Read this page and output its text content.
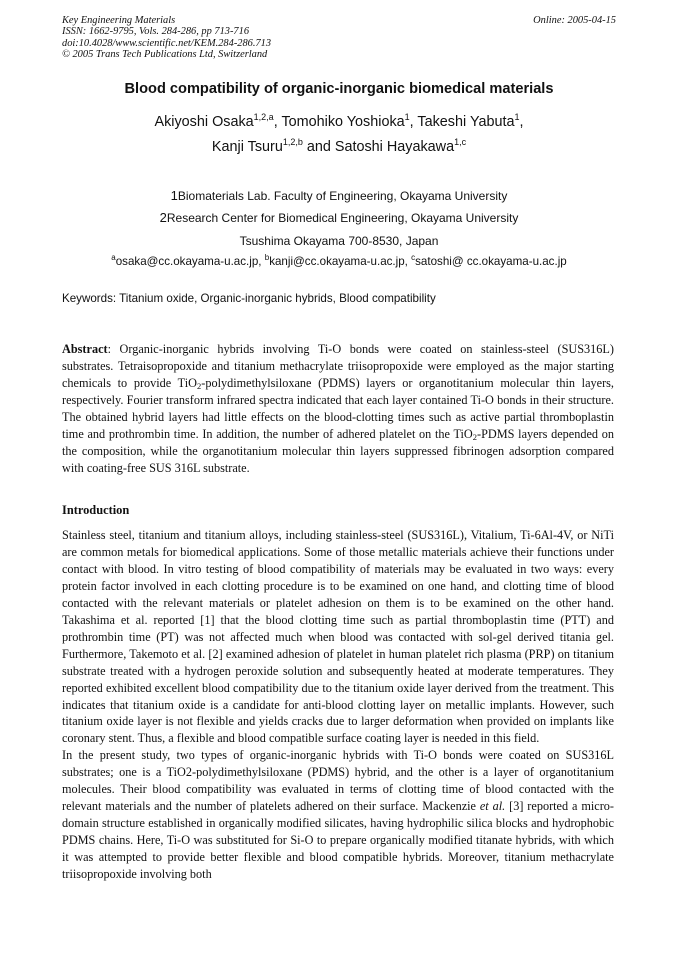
Key Engineering Materials
ISSN: 1662-9795, Vols. 284-286, pp 713-716
doi:10.4028/www.scientific.net/KEM.284-286.713
© 2005 Trans Tech Publications Ltd, Switzerland
Online: 2005-04-15
Blood compatibility of organic-inorganic biomedical materials
Akiyoshi Osaka$^{1,2,a}$, Tomohiko Yoshioka$^1$, Takeshi Yabuta$^1$,
Kanji Tsuru$^{1,2,b}$ and Satoshi Hayakawa$^{1,c}$
1Biomaterials Lab. Faculty of Engineering, Okayama University
2Research Center for Biomedical Engineering, Okayama University
Tsushima Okayama 700-8530, Japan
$^a$osaka@cc.okayama-u.ac.jp, $^b$kanji@cc.okayama-u.ac.jp, $^c$satoshi@ cc.okayama-u.ac.jp
Keywords: Titanium oxide, Organic-inorganic hybrids, Blood compatibility
Abstract: Organic-inorganic hybrids involving Ti-O bonds were coated on stainless-steel (SUS316L) substrates. Tetraisopropoxide and titanium methacrylate triisopropoxide were employed as the major starting chemicals to provide TiO$_2$-polydimethylsiloxane (PDMS) layers or organotitanium molecular thin layers, respectively. Fourier transform infrared spectra indicated that each layer contained Ti-O bonds in their structure. The obtained hybrid layers had little effects on the blood-clotting times such as active partial thromboplastin time and prothrombin time. In addition, the number of adhered platelet on the TiO$_2$-PDMS layers depended on the composition, while the organotitanium molecular thin layers suppressed fibrinogen adsorption compared with coating-free SUS 316L substrate.
Introduction
Stainless steel, titanium and titanium alloys, including stainless-steel (SUS316L), Vitalium, Ti-6Al-4V, or NiTi are common metals for biomedical applications. Some of those metallic materials achieve their functions under contact with blood. In vitro testing of blood compatibility of materials may be evaluated in two ways: every protein factor involved in each clotting procedure is to be examined on one hand, and clotting time of blood contacted with the relevant materials or platelet adhesion on them is to be examined on the other hand. Takashima et al. reported [1] that the blood clotting time such as partial thromboplastin time (PTT) and prothrombin time (PT) was not affected much when blood was contacted with sol-gel derived titania gel. Furthermore, Takemoto et al. [2] examined adhesion of platelet in human platelet rich plasma (PRP) on titanium substrate treated with a hydrogen peroxide solution and subsequently heated at moderate temperatures. They reported exhibited excellent blood compatibility due to the titanium oxide layer derived from the treatment. This indicates that titanium oxide is a candidate for anti-blood clotting layer on metallic implants. However, such titanium oxide layer is not flexible and yields cracks due to larger deformation when provided on implants like coronary stent. Thus, a flexible and blood compatible surface coating layer is needed in this field.
In the present study, two types of organic-inorganic hybrids with Ti-O bonds were coated on SUS316L substrates; one is a TiO2-polydimethylsiloxane (PDMS) hybrid, and the other is a layer of organotitanium molecules. Their blood compatibility was evaluated in terms of clotting time of blood contacted with the relevant materials and the number of platelets adhered on their surface. Mackenzie et al. [3] reported a micro-domain structure established in organically modified silicates, having hydrophilic silica blocks and hydrophobic PDMS chains. Here, Ti-O was substituted for Si-O to prepare organically modified titanate hybrids, with which it was attempted to provide better flexible and blood compatible hybrids. Moreover, titanium methacrylate triisopropoxide involving both
